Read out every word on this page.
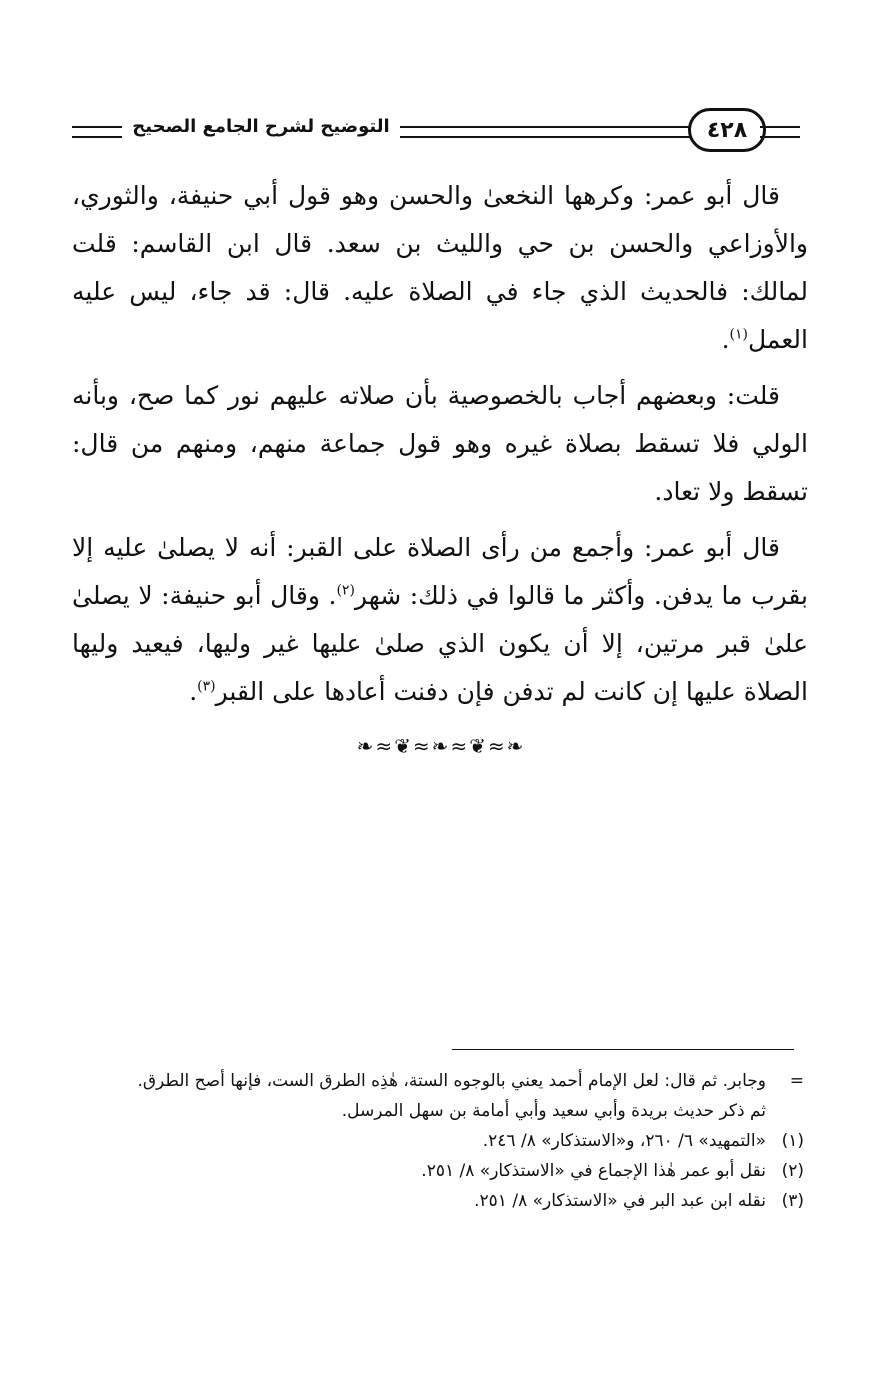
التوضيح لشرح الجامع الصحيح	٤٢٨

قال أبو عمر: وكرهها النخعىٰ والحسن وهو قول أبي حنيفة، والثوري، والأوزاعي والحسن بن حي والليث بن سعد. قال ابن القاسم: قلت لمالك: فالحديث الذي جاء في الصلاة عليه. قال: قد جاء، ليس عليه العمل$^{(١)}$.

قلت: وبعضهم أجاب بالخصوصية بأن صلاته عليهم نور كما صح، وبأنه الولي فلا تسقط بصلاة غيره وهو قول جماعة منهم، ومنهم من قال: تسقط ولا تعاد.

قال أبو عمر: وأجمع من رأى الصلاة على القبر: أنه لا يصلىٰ عليه إلا بقرب ما يدفن. وأكثر ما قالوا في ذلك: شهر$^{(٢)}$. وقال أبو حنيفة: لا يصلىٰ علىٰ قبر مرتين، إلا أن يكون الذي صلىٰ عليها غير وليها، فيعيد وليها الصلاة عليها إن كانت لم تدفن فإن دفنت أعادها على القبر$^{(٣)}$.

❧≈❦≈❧≈❦≈❧
=
وجابر. ثم قال: لعل الإمام أحمد يعني بالوجوه الستة، هٰذِه الطرق الست، فإنها أصح الطرق.
ثم ذكر حديث بريدة وأبي سعيد وأبي أمامة بن سهل المرسل.
(١)
«التمهيد» ٦/ ٢٦٠، و«الاستذكار» ٨/ ٢٤٦.
(٢)
نقل أبو عمر هٰذا الإجماع في «الاستذكار» ٨/ ٢٥١.
(٣)
نقله ابن عبد البر في «الاستذكار» ٨/ ٢٥١.
